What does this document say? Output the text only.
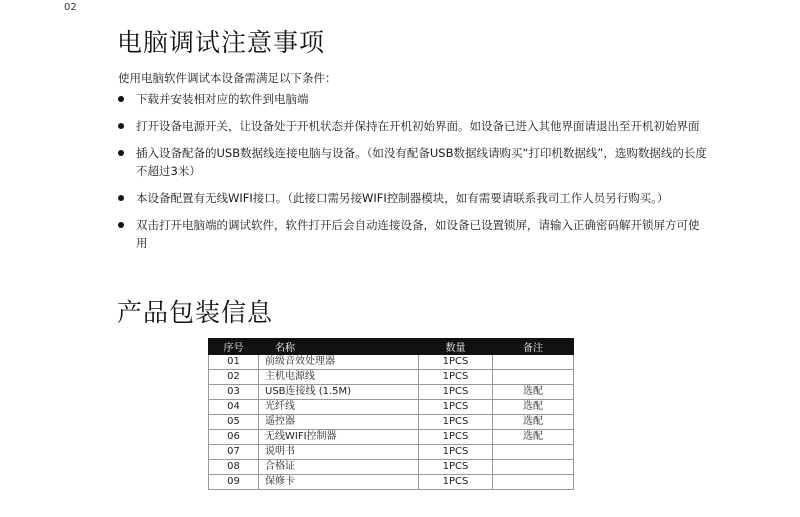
02
电脑调试注意事项
使用电脑软件调试本设备需满足以下条件：
下载并安装相对应的软件到电脑端
打开设备电源开关，让设备处于开机状态并保持在开机初始界面。如设备已进入其他界面请退出至开机初始界面
插入设备配备的USB数据线连接电脑与设备。（如没有配备USB数据线请购买“打印机数据线”，选购数据线的长度不超过3米）
本设备配置有无线WIFI接口。（此接口需另接WIFI控制器模块，如有需要请联系我司工作人员另行购买。）
双击打开电脑端的调试软件，软件打开后会自动连接设备，如设备已设置锁屏，请输入正确密码解开锁屏方可使用
产品包装信息
序号	名称	数量	备注
01	前级音效处理器	1PCS	
02	主机电源线	1PCS	
03	USB连接线 (1.5M)	1PCS	选配
04	光纤线	1PCS	选配
05	遥控器	1PCS	选配
06	无线WIFI控制器	1PCS	选配
07	说明书	1PCS	
08	合格证	1PCS	
09	保修卡	1PCS	
